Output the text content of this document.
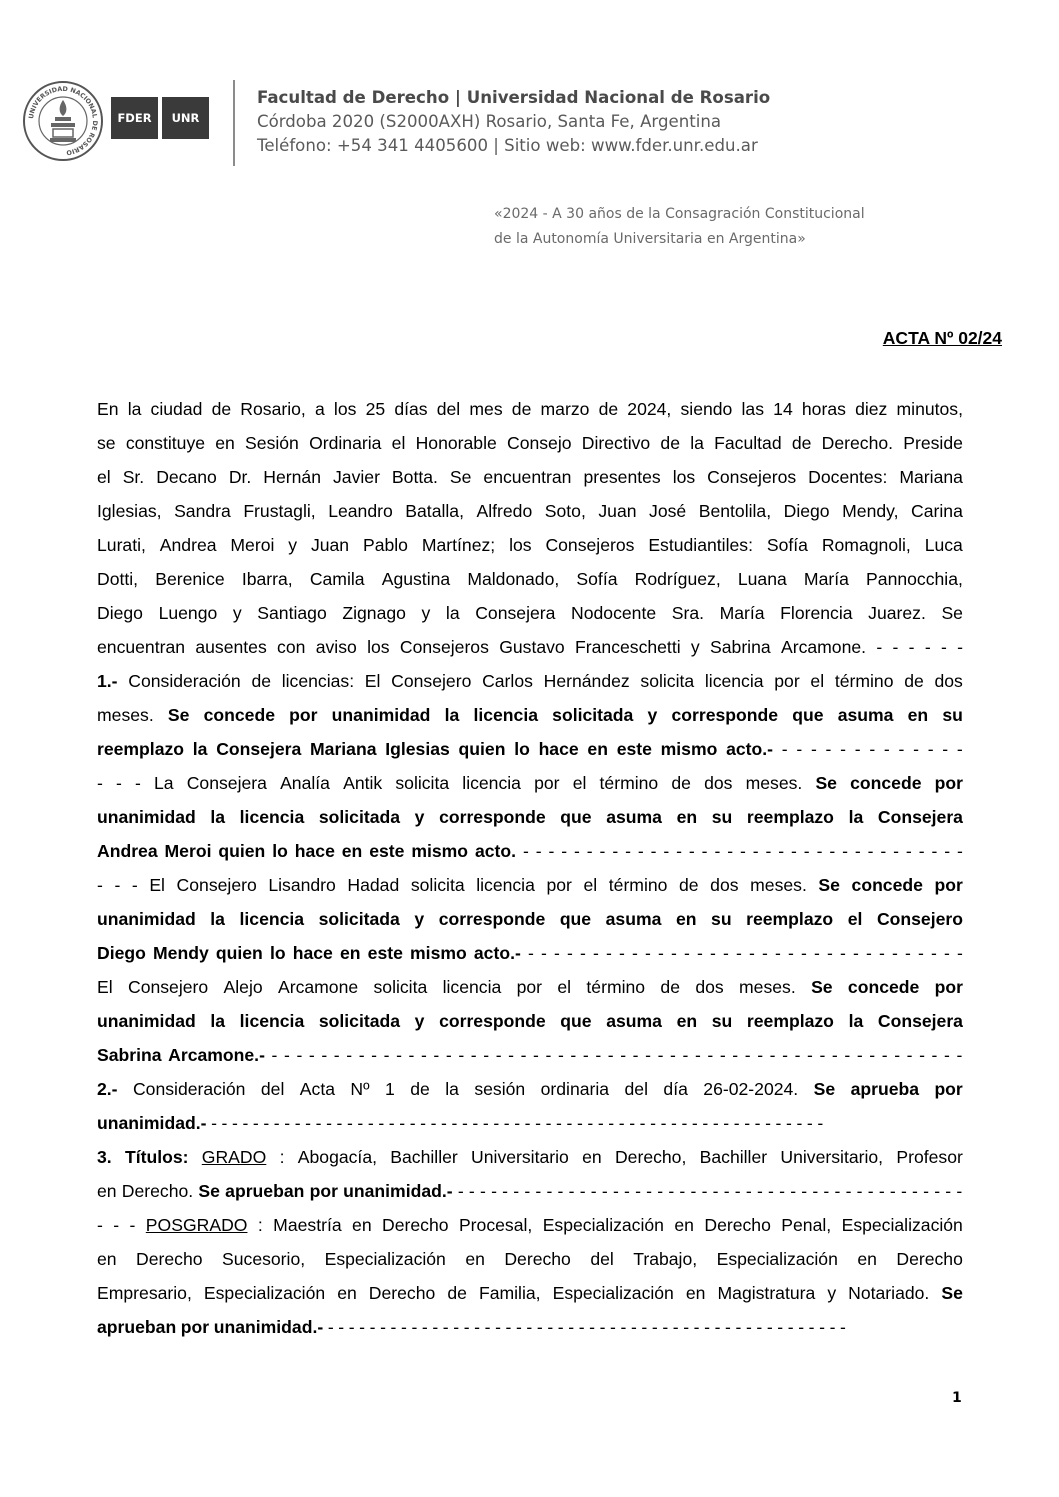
UNIVERSIDAD NACIONAL DE ROSARIO
FDER	UNR
Facultad de Derecho | Universidad Nacional de Rosario
Córdoba 2020 (S2000AXH) Rosario, Santa Fe, Argentina
Teléfono: +54 341 4405600 | Sitio web: www.fder.unr.edu.ar
«2024 - A 30 años de la Consagración Constitucional
de la Autonomía Universitaria en Argentina»
ACTA Nº 02/24
En la ciudad de Rosario, a los 25 días del mes de marzo de 2024, siendo las 14 horas diez minutos,
se constituye en Sesión Ordinaria el Honorable Consejo Directivo de la Facultad de Derecho. Preside
el Sr. Decano Dr. Hernán Javier Botta. Se encuentran presentes los Consejeros Docentes: Mariana
Iglesias, Sandra Frustagli, Leandro Batalla, Alfredo Soto, Juan José Bentolila, Diego Mendy, Carina
Lurati, Andrea Meroi y Juan Pablo Martínez; los Consejeros Estudiantiles: Sofía Romagnoli, Luca
Dotti, Berenice Ibarra, Camila Agustina Maldonado, Sofía Rodríguez, Luana María Pannocchia,
Diego Luengo y Santiago Zignago y la Consejera Nodocente Sra. María Florencia Juarez. Se
encuentran ausentes con aviso los Consejeros Gustavo Franceschetti y Sabrina Arcamone. - - - - - -
1.- Consideración de licencias: El Consejero Carlos Hernández solicita licencia por el término de dos
meses. Se concede por unanimidad la licencia solicitada y corresponde que asuma en su
reemplazo la Consejera Mariana Iglesias quien lo hace en este mismo acto.- - - - - - - - - - - - - -
- - - La Consejera Analía Antik solicita licencia por el término de dos meses. Se concede por
unanimidad la licencia solicitada y corresponde que asuma en su reemplazo la Consejera
Andrea Meroi quien lo hace en este mismo acto. - - - - - - - - - - - - - - - - - - - - - - - - - - - - - - - - - - -
- - - El Consejero Lisandro Hadad solicita licencia por el término de dos meses. Se concede por
unanimidad la licencia solicitada y corresponde que asuma en su reemplazo el Consejero
Diego Mendy quien lo hace en este mismo acto.- - - - - - - - - - - - - - - - - - - - - - - - - - - - - - - - - - -
El Consejero Alejo Arcamone solicita licencia por el término de dos meses. Se concede por
unanimidad la licencia solicitada y corresponde que asuma en su reemplazo la Consejera
Sabrina Arcamone.- - - - - - - - - - - - - - - - - - - - - - - - - - - - - - - - - - - - - - - - - - - - - - - - - - - - - - - - -
2.- Consideración del Acta Nº 1 de la sesión ordinaria del día 26-02-2024. Se aprueba por
unanimidad.- - - - - - - - - - - - - - - - - - - - - - - - - - - - - - - - - - - - - - - - - - - - - - - - - - - - - - - - - - - -
3. Títulos: GRADO : Abogacía, Bachiller Universitario en Derecho, Bachiller Universitario, Profesor
en Derecho. Se aprueban por unanimidad.- - - - - - - - - - - - - - - - - - - - - - - - - - - - - - - - - - - - - - - - - - - - - - -
- - - POSGRADO : Maestría en Derecho Procesal, Especialización en Derecho Penal, Especialización
en Derecho Sucesorio, Especialización en Derecho del Trabajo, Especialización en Derecho
Empresario, Especialización en Derecho de Familia, Especialización en Magistratura y Notariado. Se
aprueban por unanimidad.- - - - - - - - - - - - - - - - - - - - - - - - - - - - - - - - - - - - - - - - - - - - - - - - - - -
1
